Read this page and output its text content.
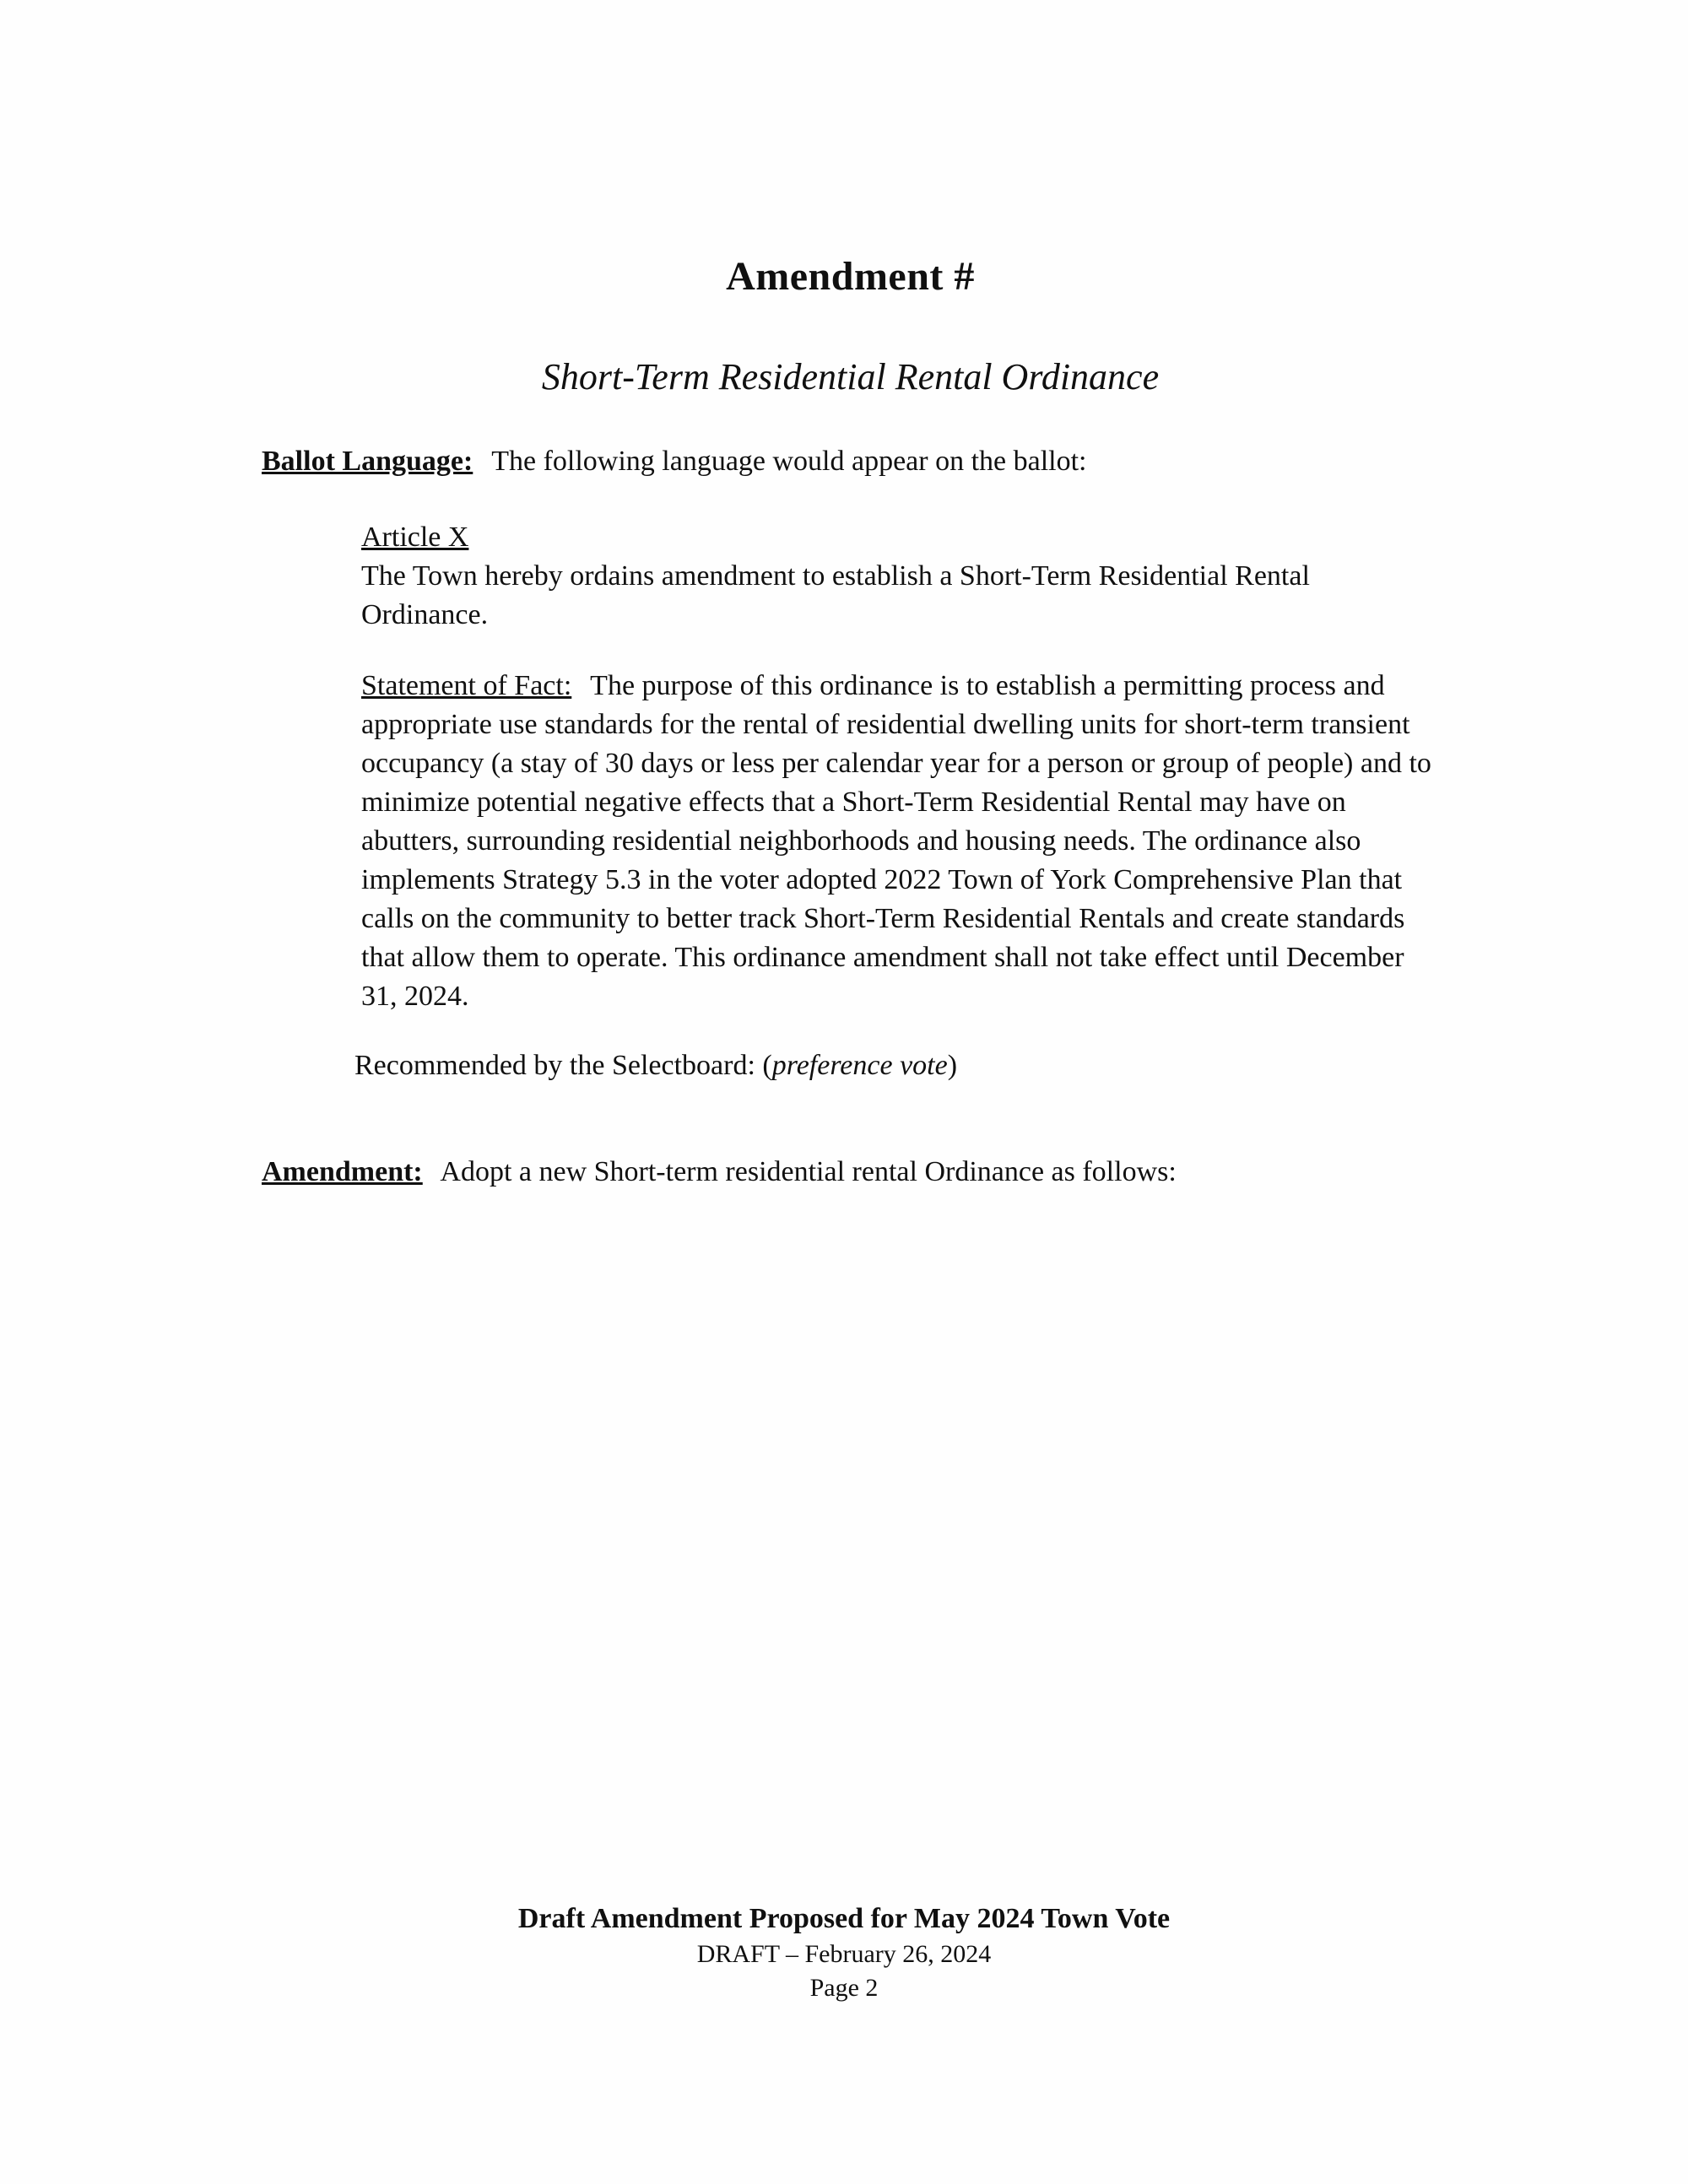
Amendment #
Short-Term Residential Rental Ordinance

Ballot Language: The following language would appear on the ballot:

Article X
The Town hereby ordains amendment to establish a Short-Term Residential Rental Ordinance.

Statement of Fact: The purpose of this ordinance is to establish a permitting process and appropriate use standards for the rental of residential dwelling units for short-term transient occupancy (a stay of 30 days or less per calendar year for a person or group of people) and to minimize potential negative effects that a Short-Term Residential Rental may have on abutters, surrounding residential neighborhoods and housing needs. The ordinance also implements Strategy 5.3 in the voter adopted 2022 Town of York Comprehensive Plan that calls on the community to better track Short-Term Residential Rentals and create standards that allow them to operate. This ordinance amendment shall not take effect until December 31, 2024.

Recommended by the Selectboard: (preference vote)

Amendment: Adopt a new Short-term residential rental Ordinance as follows:

Draft Amendment Proposed for May 2024 Town Vote
DRAFT – February 26, 2024
Page 2
